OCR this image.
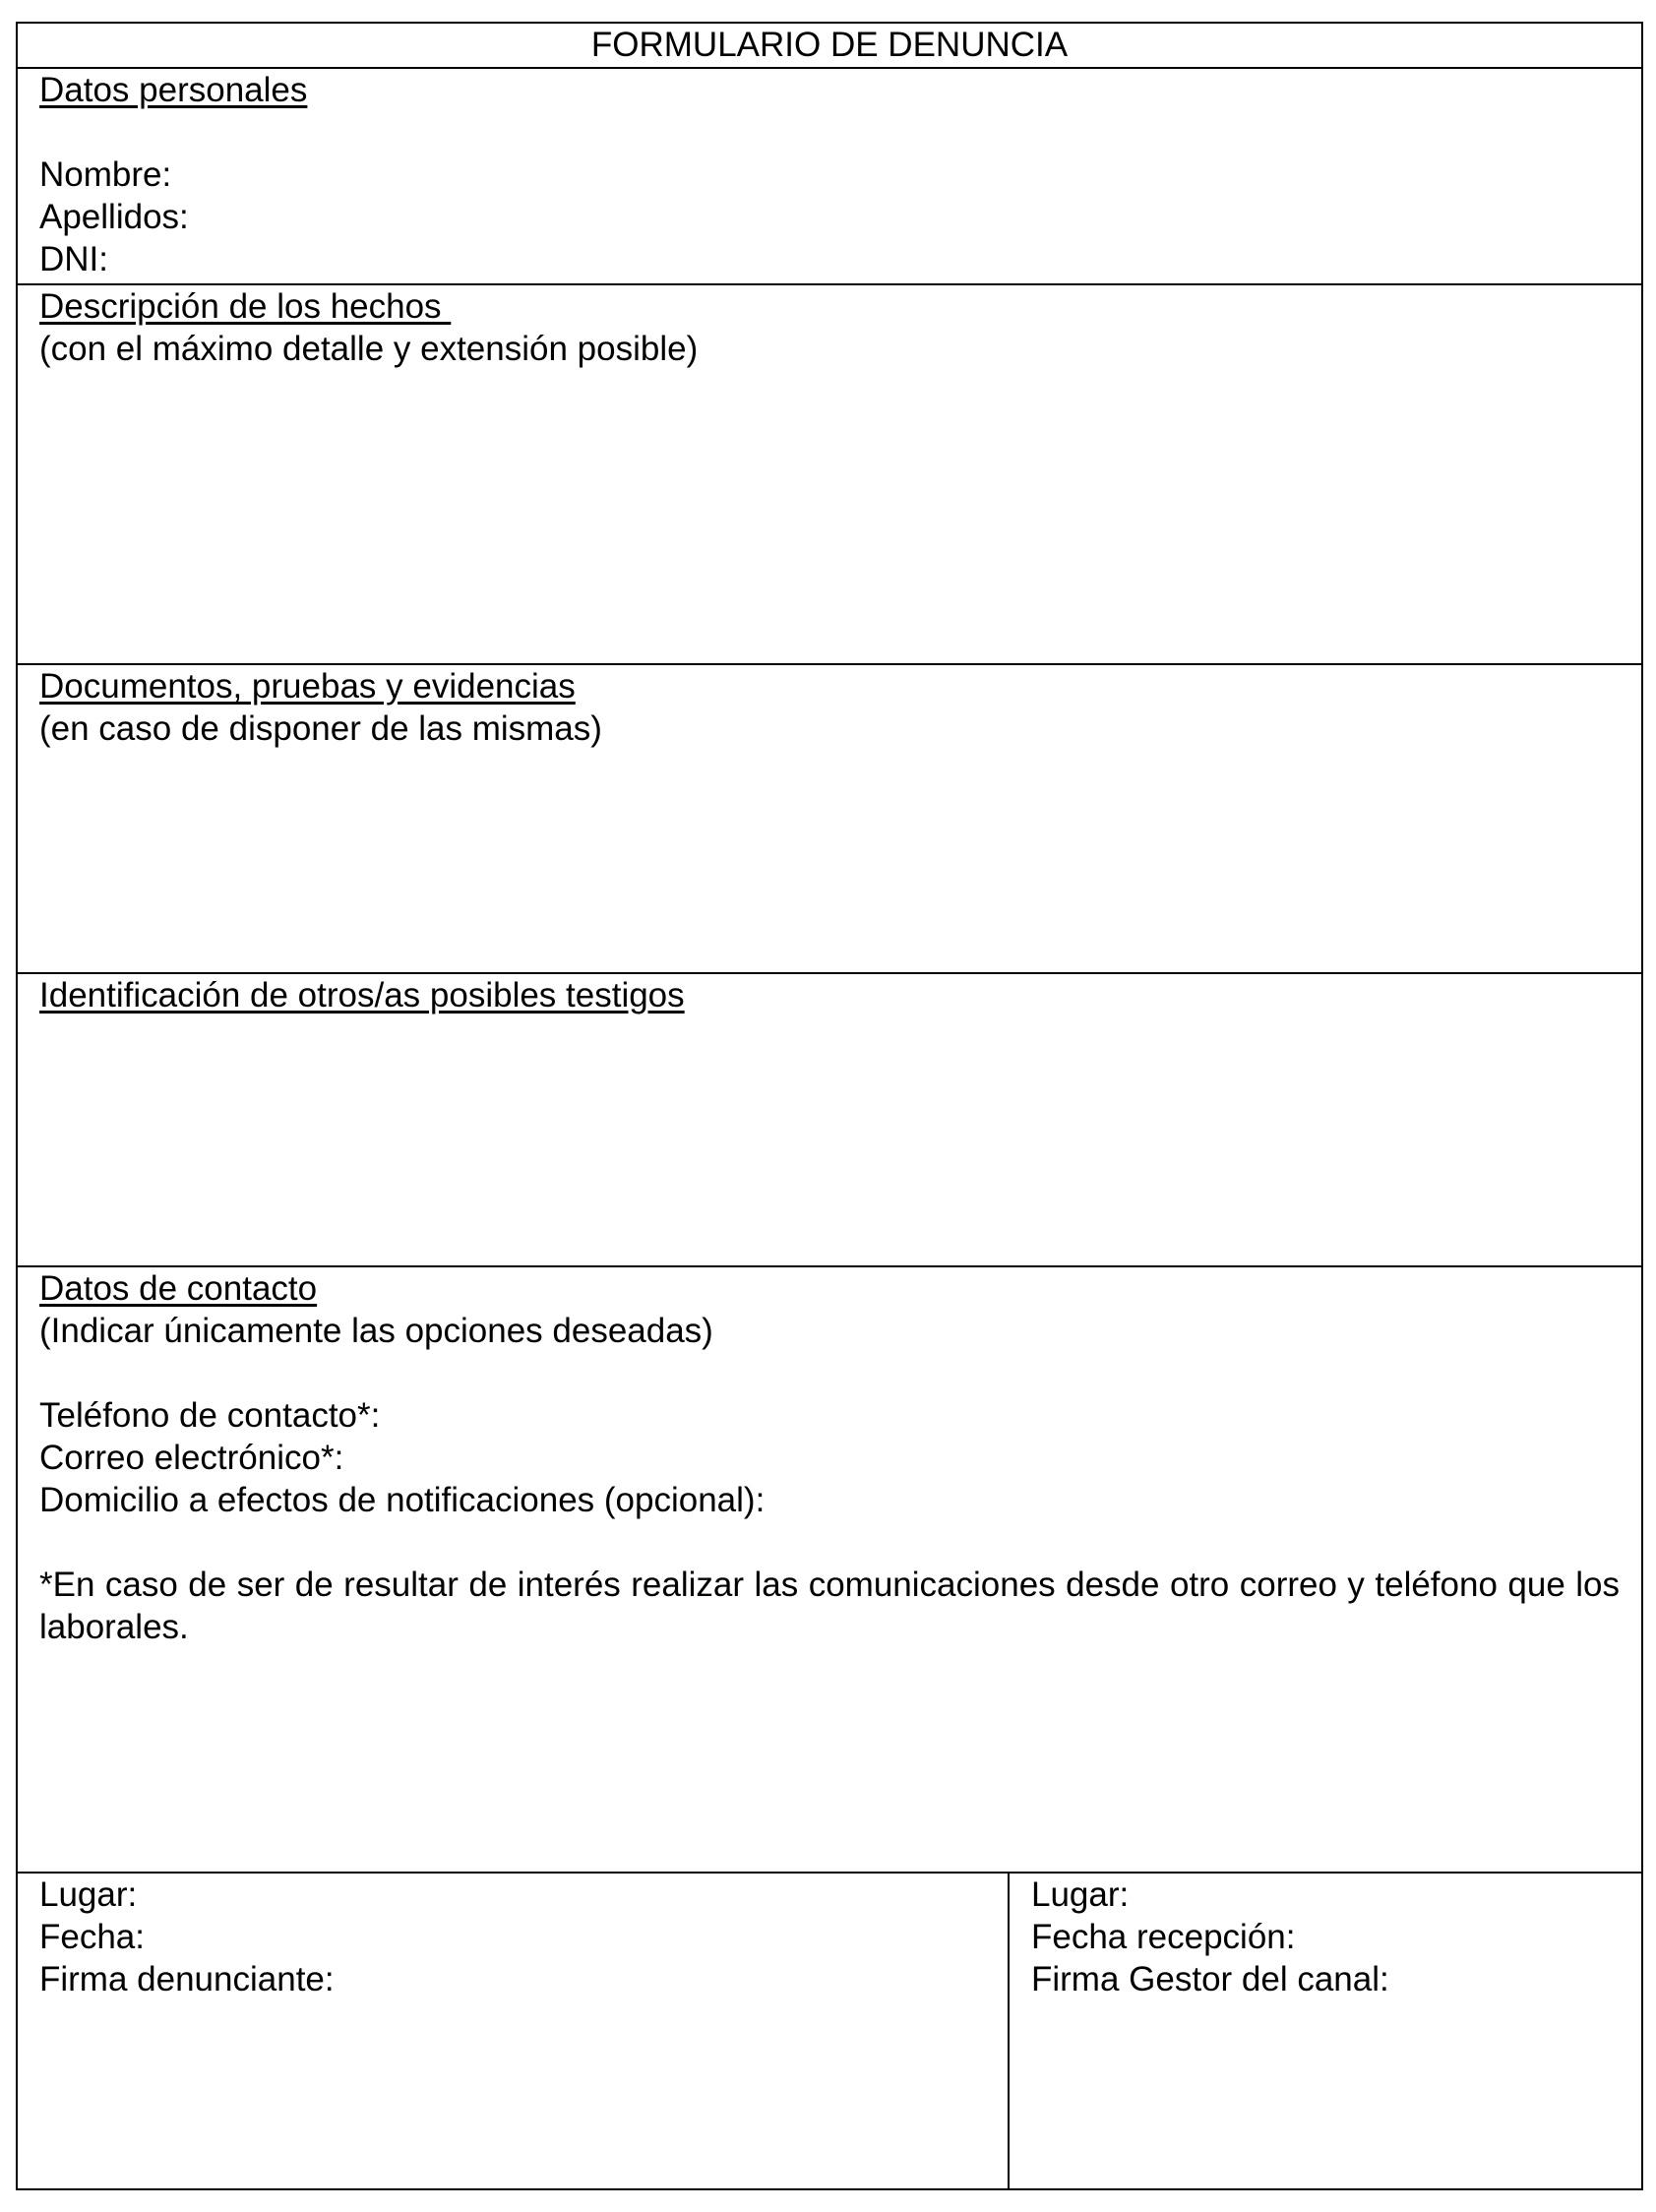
FORMULARIO DE DENUNCIA
Datos personales
Nombre:
Apellidos:
DNI:
Descripción de los hechos
(con el máximo detalle y extensión posible)
Documentos, pruebas y evidencias
(en caso de disponer de las mismas)
Identificación de otros/as posibles testigos
Datos de contacto
(Indicar únicamente las opciones deseadas)
Teléfono de contacto*:
Correo electrónico*:
Domicilio a efectos de notificaciones (opcional):
*En caso de ser de resultar de interés realizar las comunicaciones desde otro correo y teléfono que los laborales.
Lugar:
Fecha:
Firma denunciante:
Lugar:
Fecha recepción:
Firma Gestor del canal:
